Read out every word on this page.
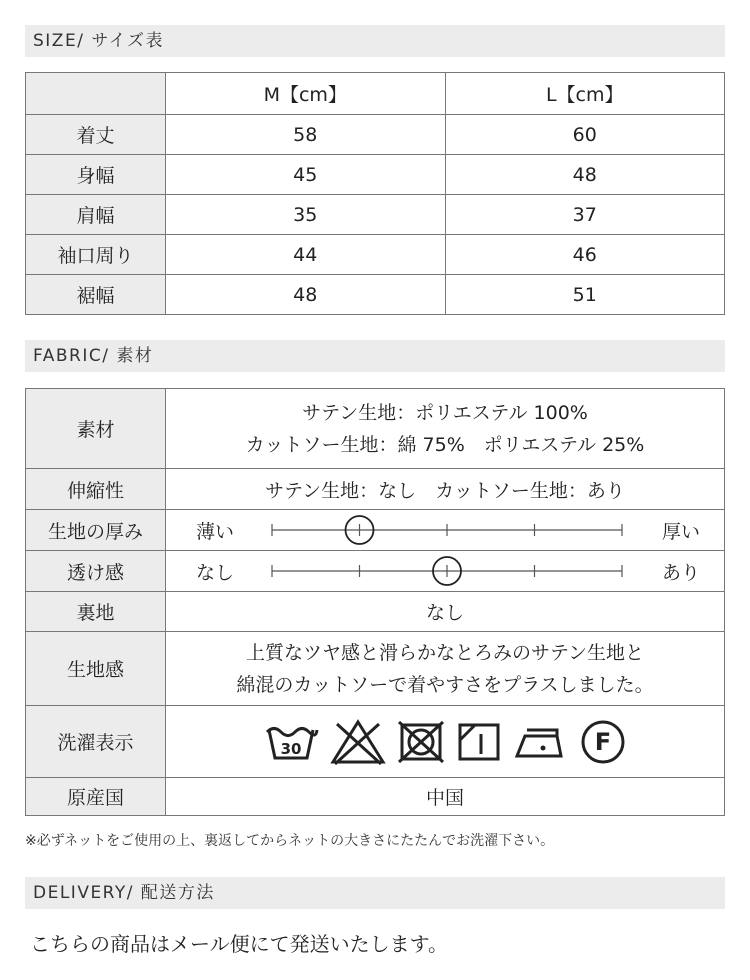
SIZE/ サイズ表
	M【cm】	L【cm】
着丈	58	60
身幅	45	48
肩幅	35	37
袖口周り	44	46
裾幅	48	51
FABRIC/ 素材
素材	サテン生地：ポリエステル 100%
カットソー生地：綿 75%　ポリエステル 25%

伸縮性	サテン生地：なし　カットソー生地：あり
生地の厚み	薄い 厚い

透け感	なし あり

裏地	なし
生地感	上質なツヤ感と滑らかなとろみのサテン生地と
綿混のカットソーで着やすさをプラスしました。

洗濯表示	30 F

原産国	中国
※必ずネットをご使用の上、裏返してからネットの大きさにたたんでお洗濯下さい。
DELIVERY/ 配送方法
こちらの商品はメール便にて発送いたします。
